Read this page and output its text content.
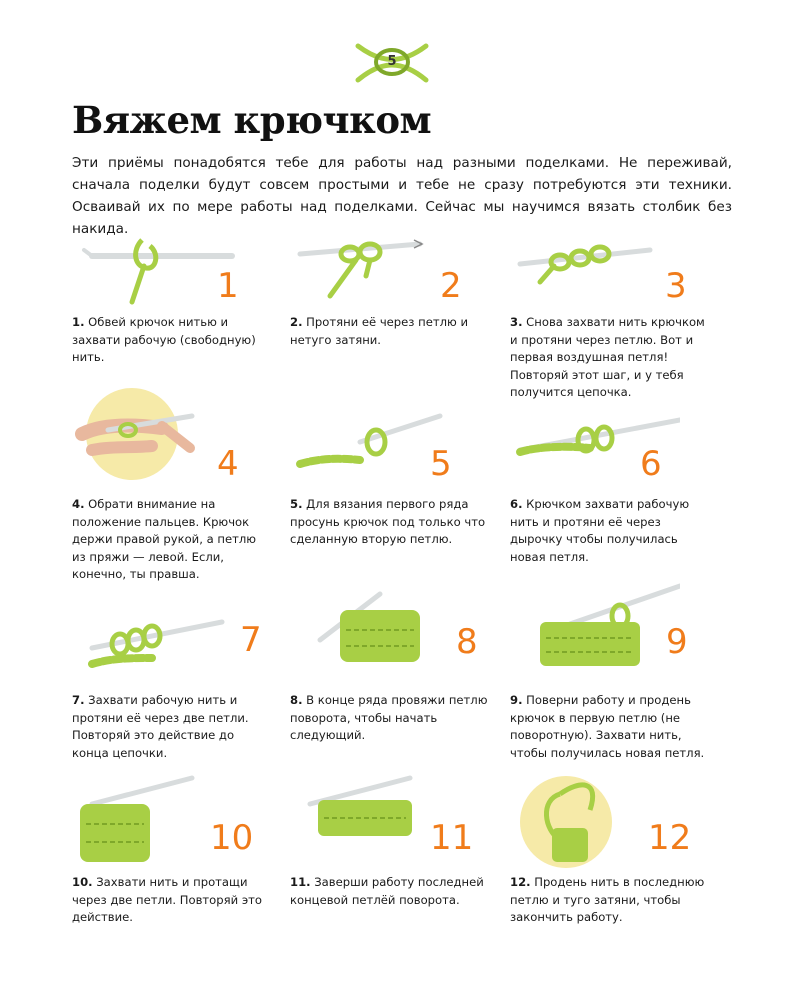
5
Вяжем крючком

Эти приёмы понадобятся тебе для работы над разными поделками. Не переживай, сначала поделки будут совсем простыми и тебе не сразу потребуются эти техники. Осваивай их по мере работы над поделками. Сейчас мы научимся вязать столбик без накида.

1

1. Обвей крючок нитью и захвати рабочую (свободную) нить.

2

2. Протяни её через петлю и нетуго затяни.

3

3. Снова захвати нить крючком и протяни через петлю. Вот и первая воздушная петля! Повторяй этот шаг, и у тебя получится цепочка.

4

4. Обрати внимание на положение пальцев. Крючок держи правой рукой, а петлю из пряжи — левой. Если, конечно, ты правша.

5

5. Для вязания первого ряда просунь крючок под только что сделанную вторую петлю.

6

6. Крючком захвати рабочую нить и протяни её через дырочку чтобы получилась новая петля.

7

7. Захвати рабочую нить и протяни её через две петли. Повторяй это действие до конца цепочки.

8

8. В конце ряда провяжи петлю поворота, чтобы начать следующий.

9

9. Поверни работу и продень крючок в первую петлю (не поворотную). Захвати нить, чтобы получилась новая петля.

10

10. Захвати нить и протащи через две петли. Повторяй это действие.

11

11. Заверши работу последней концевой петлёй поворота.

12

12. Продень нить в последнюю петлю и туго затяни, чтобы закончить работу.
